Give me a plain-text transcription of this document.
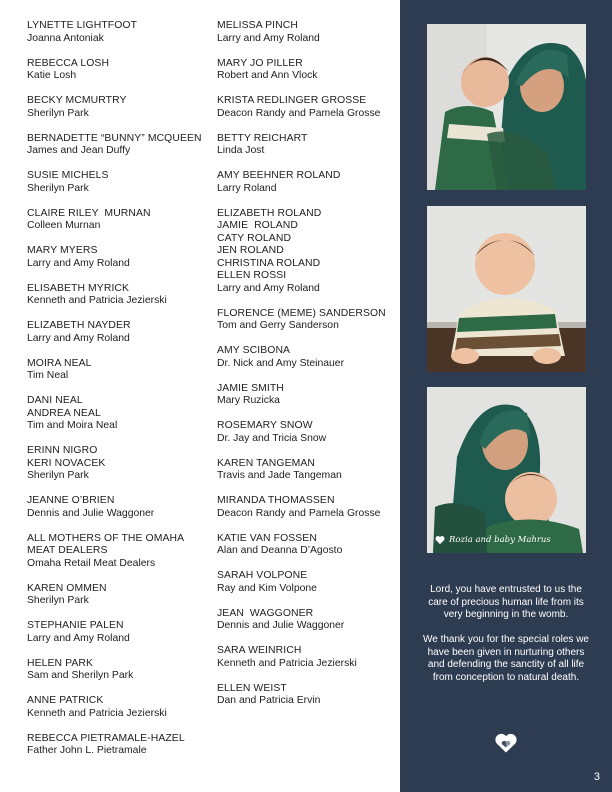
LYNETTE LIGHTFOOT
Joanna Antoniak
REBECCA LOSH
Katie Losh
BECKY MCMURTRY
Sherilyn Park
BERNADETTE “BUNNY” MCQUEEN
James and Jean Duffy
SUSIE MICHELS
Sherilyn Park
CLAIRE RILEY  MURNAN
Colleen Murnan
MARY MYERS
Larry and Amy Roland
ELISABETH MYRICK
Kenneth and Patricia Jezierski
ELIZABETH NAYDER
Larry and Amy Roland
MOIRA NEAL
Tim Neal
DANI NEAL
ANDREA NEAL
Tim and Moira Neal
ERINN NIGRO
KERI NOVACEK
Sherilyn Park
JEANNE O’BRIEN
Dennis and Julie Waggoner
ALL MOTHERS OF THE OMAHA
MEAT DEALERS
Omaha Retail Meat Dealers
KAREN OMMEN
Sherilyn Park
STEPHANIE PALEN
Larry and Amy Roland
HELEN PARK
Sam and Sherilyn Park
ANNE PATRICK
Kenneth and Patricia Jezierski
REBECCA PIETRAMALE-HAZEL
Father John L. Pietramale
MELISSA PINCH
Larry and Amy Roland
MARY JO PILLER
Robert and Ann Vlock
KRISTA REDLINGER GROSSE
Deacon Randy and Pamela Grosse
BETTY REICHART
Linda Jost
AMY BEEHNER ROLAND
Larry Roland
ELIZABETH ROLAND
JAMIE  ROLAND
CATY ROLAND
JEN ROLAND
CHRISTINA ROLAND
ELLEN ROSSI
Larry and Amy Roland
FLORENCE (MEME) SANDERSON
Tom and Gerry Sanderson
AMY SCIBONA
Dr. Nick and Amy Steinauer
JAMIE SMITH
Mary Ruzicka
ROSEMARY SNOW
Dr. Jay and Tricia Snow
KAREN TANGEMAN
Travis and Jade Tangeman
MIRANDA THOMASSEN
Deacon Randy and Pamela Grosse
KATIE VAN FOSSEN
Alan and Deanna D’Agosto
SARAH VOLPONE
Ray and Kim Volpone
JEAN  WAGGONER
Dennis and Julie Waggoner
SARA WEINRICH
Kenneth and Patricia Jezierski
ELLEN WEIST
Dan and Patricia Ervin
Rozia and baby Mahrus

Lord, you have entrusted to us the care of precious human life from its very beginning in the womb.

We thank you for the special roles we have been given in nurturing others and defending the sanctity of all life from conception to natural death.

3
